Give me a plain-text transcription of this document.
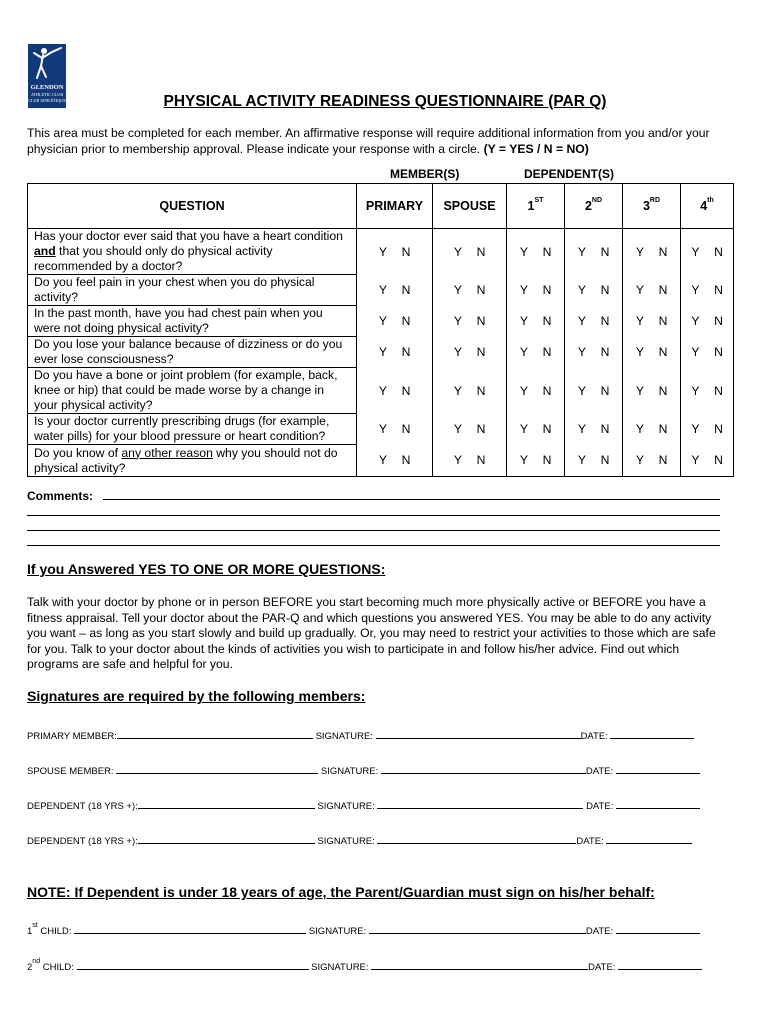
GLENDON
ATHLETIC CLUB
CLUB ATHLÉTIQUE	PHYSICAL ACTIVITY READINESS QUESTIONNAIRE (PAR Q)
This area must be completed for each member. An affirmative response will require additional information from you and/or your physician prior to membership approval. Please indicate your response with a circle. (Y = YES / N = NO)
MEMBER(S)	DEPENDENT(S)
QUESTION	PRIMARY	SPOUSE	1ST	2ND	3RD	4th
Has your doctor ever said that you have a heart condition and that you should only do physical activity recommended by a doctor?	Y N	Y N	Y N	Y N	Y N	Y N
Do you feel pain in your chest when you do physical activity?	Y N	Y N	Y N	Y N	Y N	Y N
In the past month, have you had chest pain when you were not doing physical activity?	Y N	Y N	Y N	Y N	Y N	Y N
Do you lose your balance because of dizziness or do you ever lose consciousness?	Y N	Y N	Y N	Y N	Y N	Y N
Do you have a bone or joint problem (for example, back, knee or hip) that could be made worse by a change in your physical activity?	Y N	Y N	Y N	Y N	Y N	Y N
Is your doctor currently prescribing drugs (for example, water pills) for your blood pressure or heart condition?	Y N	Y N	Y N	Y N	Y N	Y N
Do you know of any other reason why you should not do physical activity?	Y N	Y N	Y N	Y N	Y N	Y N
Comments:
If you Answered YES TO ONE OR MORE QUESTIONS:
Talk with your doctor by phone or in person BEFORE you start becoming much more physically active or BEFORE you have a fitness appraisal. Tell your doctor about the PAR-Q and which questions you answered YES. You may be able to do any activity you want – as long as you start slowly and build up gradually. Or, you may need to restrict your activities to those which are safe for you. Talk to your doctor about the kinds of activities you wish to participate in and follow his/her advice. Find out which programs are safe and helpful for you.
Signatures are required by the following members:
PRIMARY MEMBER:	SIGNATURE:	DATE:
SPOUSE MEMBER:	SIGNATURE:	DATE:
DEPENDENT (18 YRS +):	SIGNATURE:	DATE:
DEPENDENT (18 YRS +):	SIGNATURE:	DATE:
NOTE: If Dependent is under 18 years of age, the Parent/Guardian must sign on his/her behalf:
1st CHILD:	SIGNATURE:	DATE:
2nd CHILD:	SIGNATURE:	DATE:
